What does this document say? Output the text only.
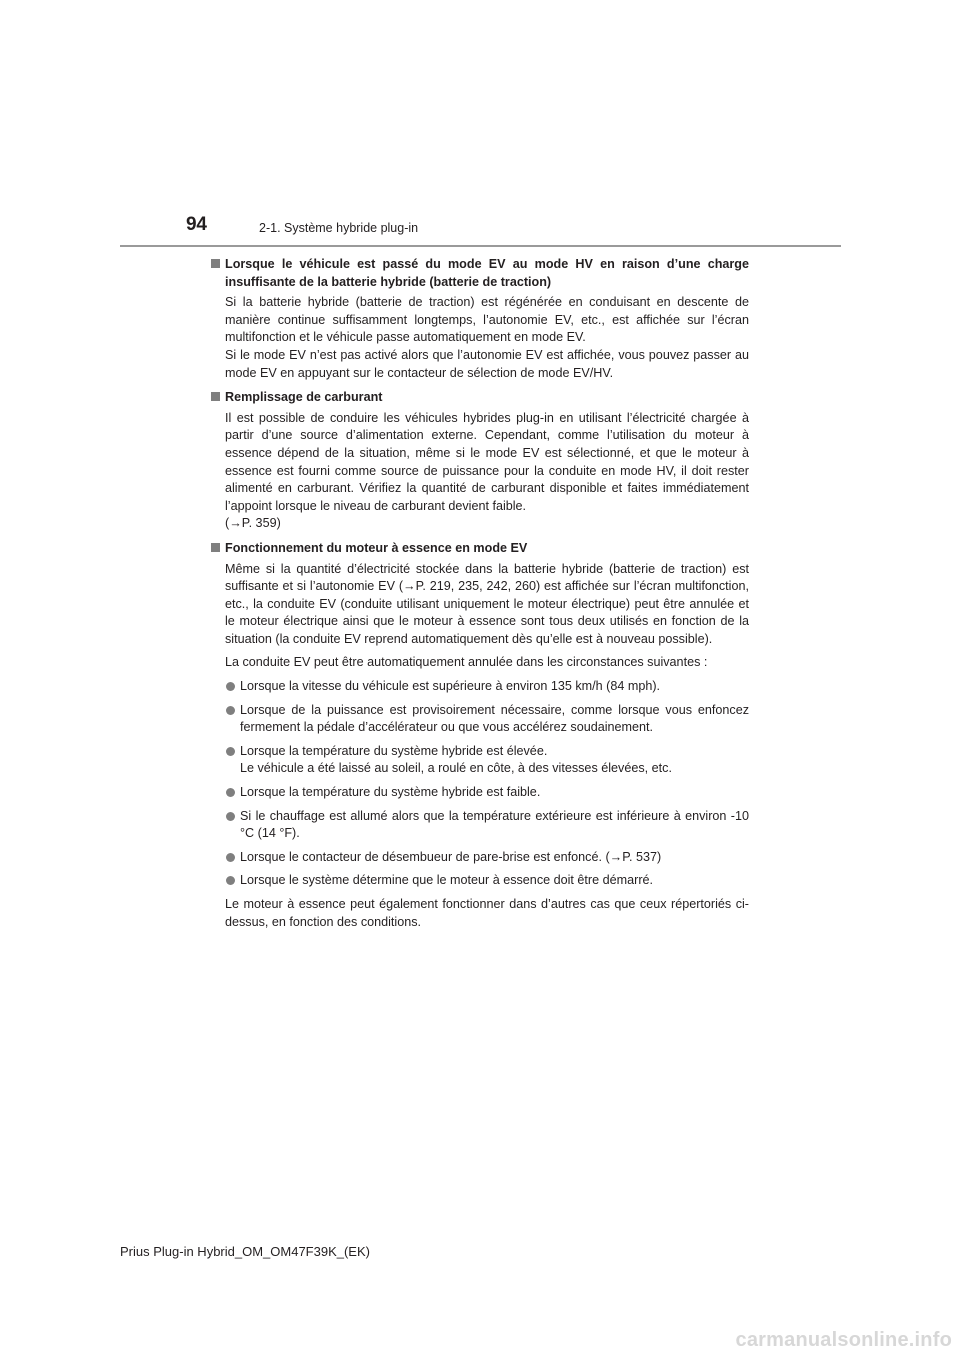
94	2-1. Système hybride plug-in
Lorsque le véhicule est passé du mode EV au mode HV en raison d’une charge insuffisante de la batterie hybride (batterie de traction)
Si la batterie hybride (batterie de traction) est régénérée en conduisant en descente de manière continue suffisamment longtemps, l’autonomie EV, etc., est affichée sur l’écran multifonction et le véhicule passe automatiquement en mode EV.
Si le mode EV n’est pas activé alors que l’autonomie EV est affichée, vous pouvez passer au mode EV en appuyant sur le contacteur de sélection de mode EV/HV.
Remplissage de carburant
Il est possible de conduire les véhicules hybrides plug-in en utilisant l’électricité chargée à partir d’une source d’alimentation externe. Cependant, comme l’utilisation du moteur à essence dépend de la situation, même si le mode EV est sélectionné, et que le moteur à essence est fourni comme source de puissance pour la conduite en mode HV, il doit rester alimenté en carburant. Vérifiez la quantité de carburant disponible et faites immédiatement l’appoint lorsque le niveau de carburant devient faible.
(→P. 359)
Fonctionnement du moteur à essence en mode EV
Même si la quantité d’électricité stockée dans la batterie hybride (batterie de traction) est suffisante et si l’autonomie EV (→P. 219, 235, 242, 260) est affichée sur l’écran multifonction, etc., la conduite EV (conduite utilisant uniquement le moteur électrique) peut être annulée et le moteur électrique ainsi que le moteur à essence sont tous deux utilisés en fonction de la situation (la conduite EV reprend automatiquement dès qu’elle est à nouveau possible).
La conduite EV peut être automatiquement annulée dans les circonstances suivantes :
Lorsque la vitesse du véhicule est supérieure à environ 135 km/h (84 mph).
Lorsque de la puissance est provisoirement nécessaire, comme lorsque vous enfoncez fermement la pédale d’accélérateur ou que vous accélérez soudainement.
Lorsque la température du système hybride est élevée.
Le véhicule a été laissé au soleil, a roulé en côte, à des vitesses élevées, etc.
Lorsque la température du système hybride est faible.
Si le chauffage est allumé alors que la température extérieure est inférieure à environ -10 °C (14 °F).
Lorsque le contacteur de désembueur de pare-brise est enfoncé. (→P. 537)
Lorsque le système détermine que le moteur à essence doit être démarré.
Le moteur à essence peut également fonctionner dans d’autres cas que ceux répertoriés ci-dessus, en fonction des conditions.
Prius Plug-in Hybrid_OM_OM47F39K_(EK)
carmanualsonline.info
